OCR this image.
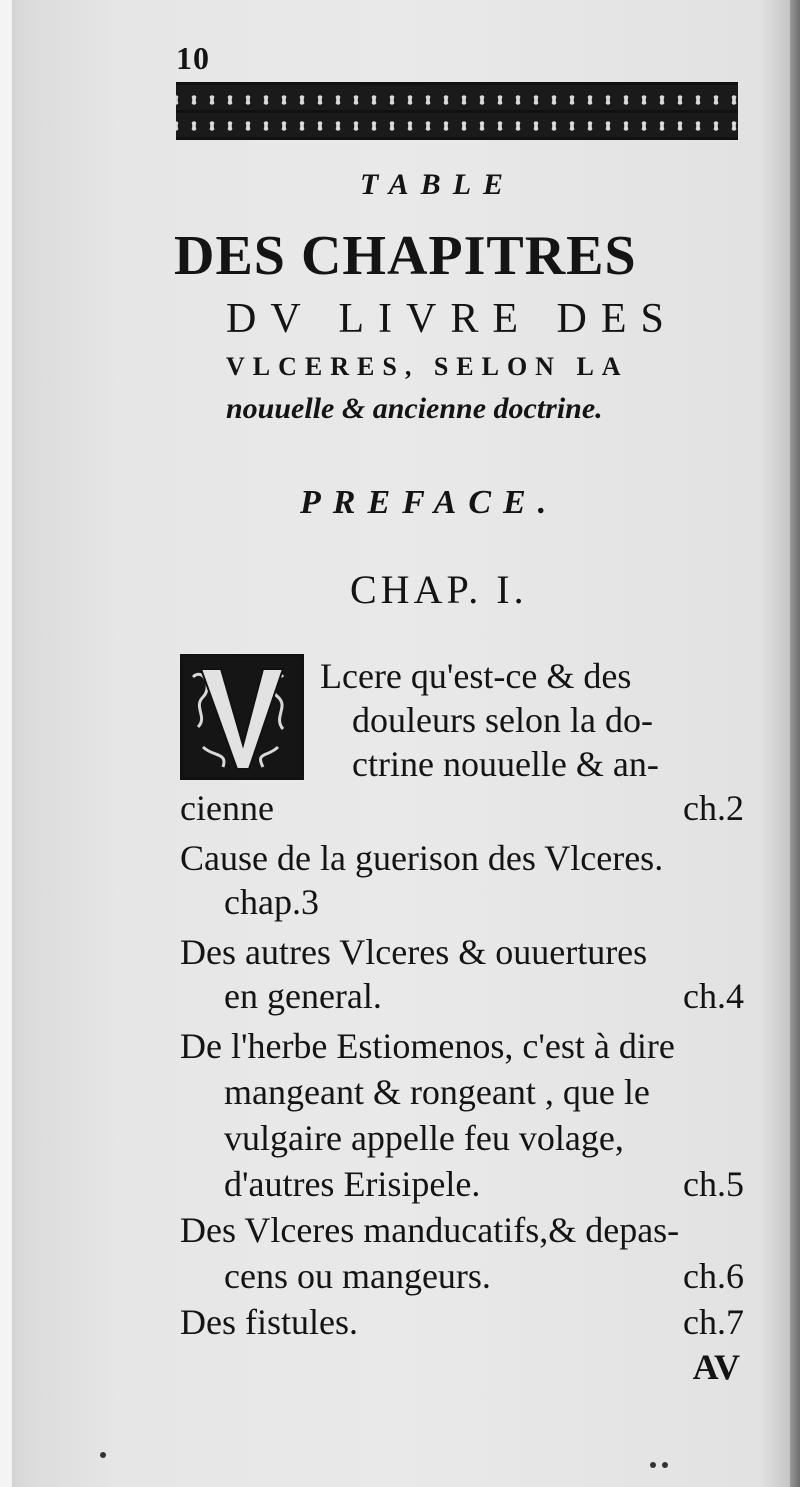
10
TABLE
DES CHAPITRES
DV LIVRE DES
VLCERES, SELON LA
nouuelle & ancienne doctrine.
PREFACE.
CHAP. I.
Lcere qu'est-ce & des
douleurs selon la do-
ctrine nouuelle & an-
cienne	ch.2
Cause de la guerison des Vlceres.
chap.3
Des autres Vlceres & ouuertures
en general.	ch.4
De l'herbe Estiomenos, c'est à dire
mangeant & rongeant , que le
vulgaire appelle feu volage,
d'autres Erisipele.	ch.5
Des Vlceres manducatifs,& depas-
cens ou mangeurs.	ch.6
Des fistules.	ch.7
AV
